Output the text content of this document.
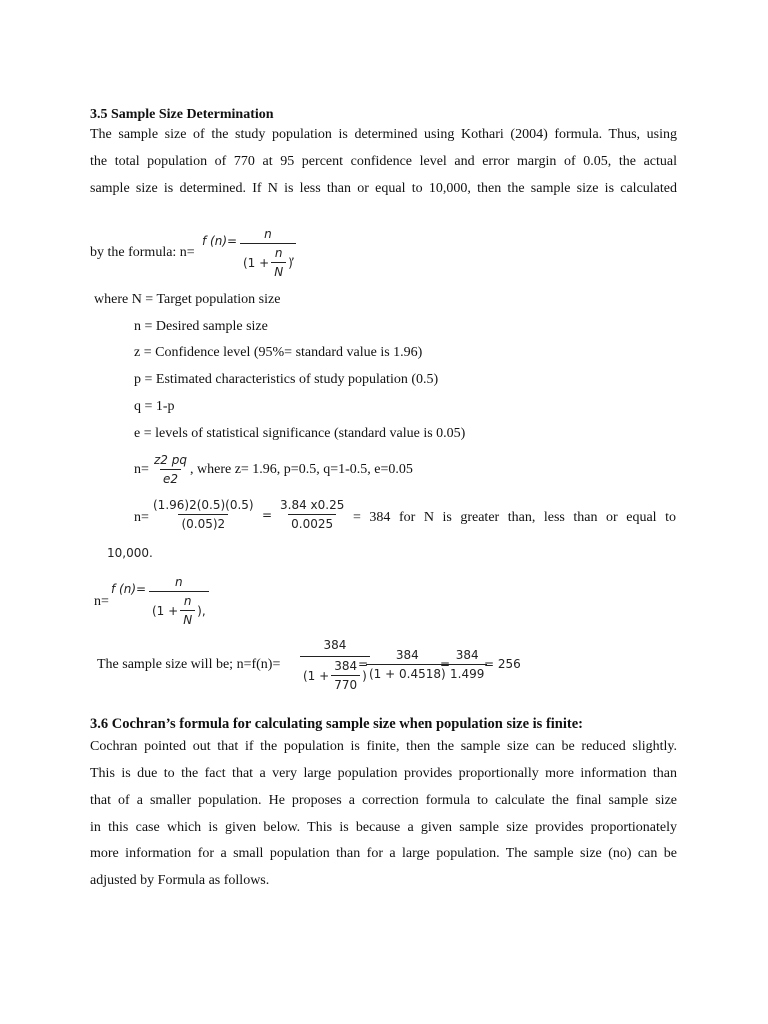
3.5 Sample Size Determination
The sample size of the study population is determined using Kothari (2004) formula. Thus, using
the total population of 770 at 95 percent confidence level and error margin of 0.05, the actual
sample size is determined. If N is less than or equal to 10,000, then the sample size is calculated
by the formula: n=
f $(n)= \frac{n}{(1 + \frac{n}{N} )}$
,
where N = Target population size
n = Desired sample size
z = Confidence level (95%= standard value is 1.96)
p = Estimated characteristics of study population (0.5)
q = 1-p
e = levels of statistical significance (standard value is 0.05)
$n= \frac{z2 pq}{e2}$ , where z= 1.96, p=0.5, q=1-0.5, e=0.05
$n= \frac{(1.96)2(0.5)(0.5)}{(0.05)2} = \frac{3.84 x0.25}{0.0025} = 384$ for N is greater than, less than or equal to
10,000.
n=
f $(n)= \frac{n}{(1 + \frac{n}{N} ),}$
The sample size will be; $n=f(n)= \frac{384}{(1 + \frac{384}{770} )}$
=
$\frac{384}{(1 + 0.4518)}$
=
$\frac{384}{1.499}$
= 256
3.6 Cochran’s formula for calculating sample size when population size is finite:
Cochran pointed out that if the population is finite, then the sample size can be reduced slightly.
This is due to the fact that a very large population provides proportionally more information than
that of a smaller population. He proposes a correction formula to calculate the final sample size
in this case which is given below. This is because a given sample size provides proportionately
more information for a small population than for a large population. The sample size (no) can be
adjusted by Formula as follows.
